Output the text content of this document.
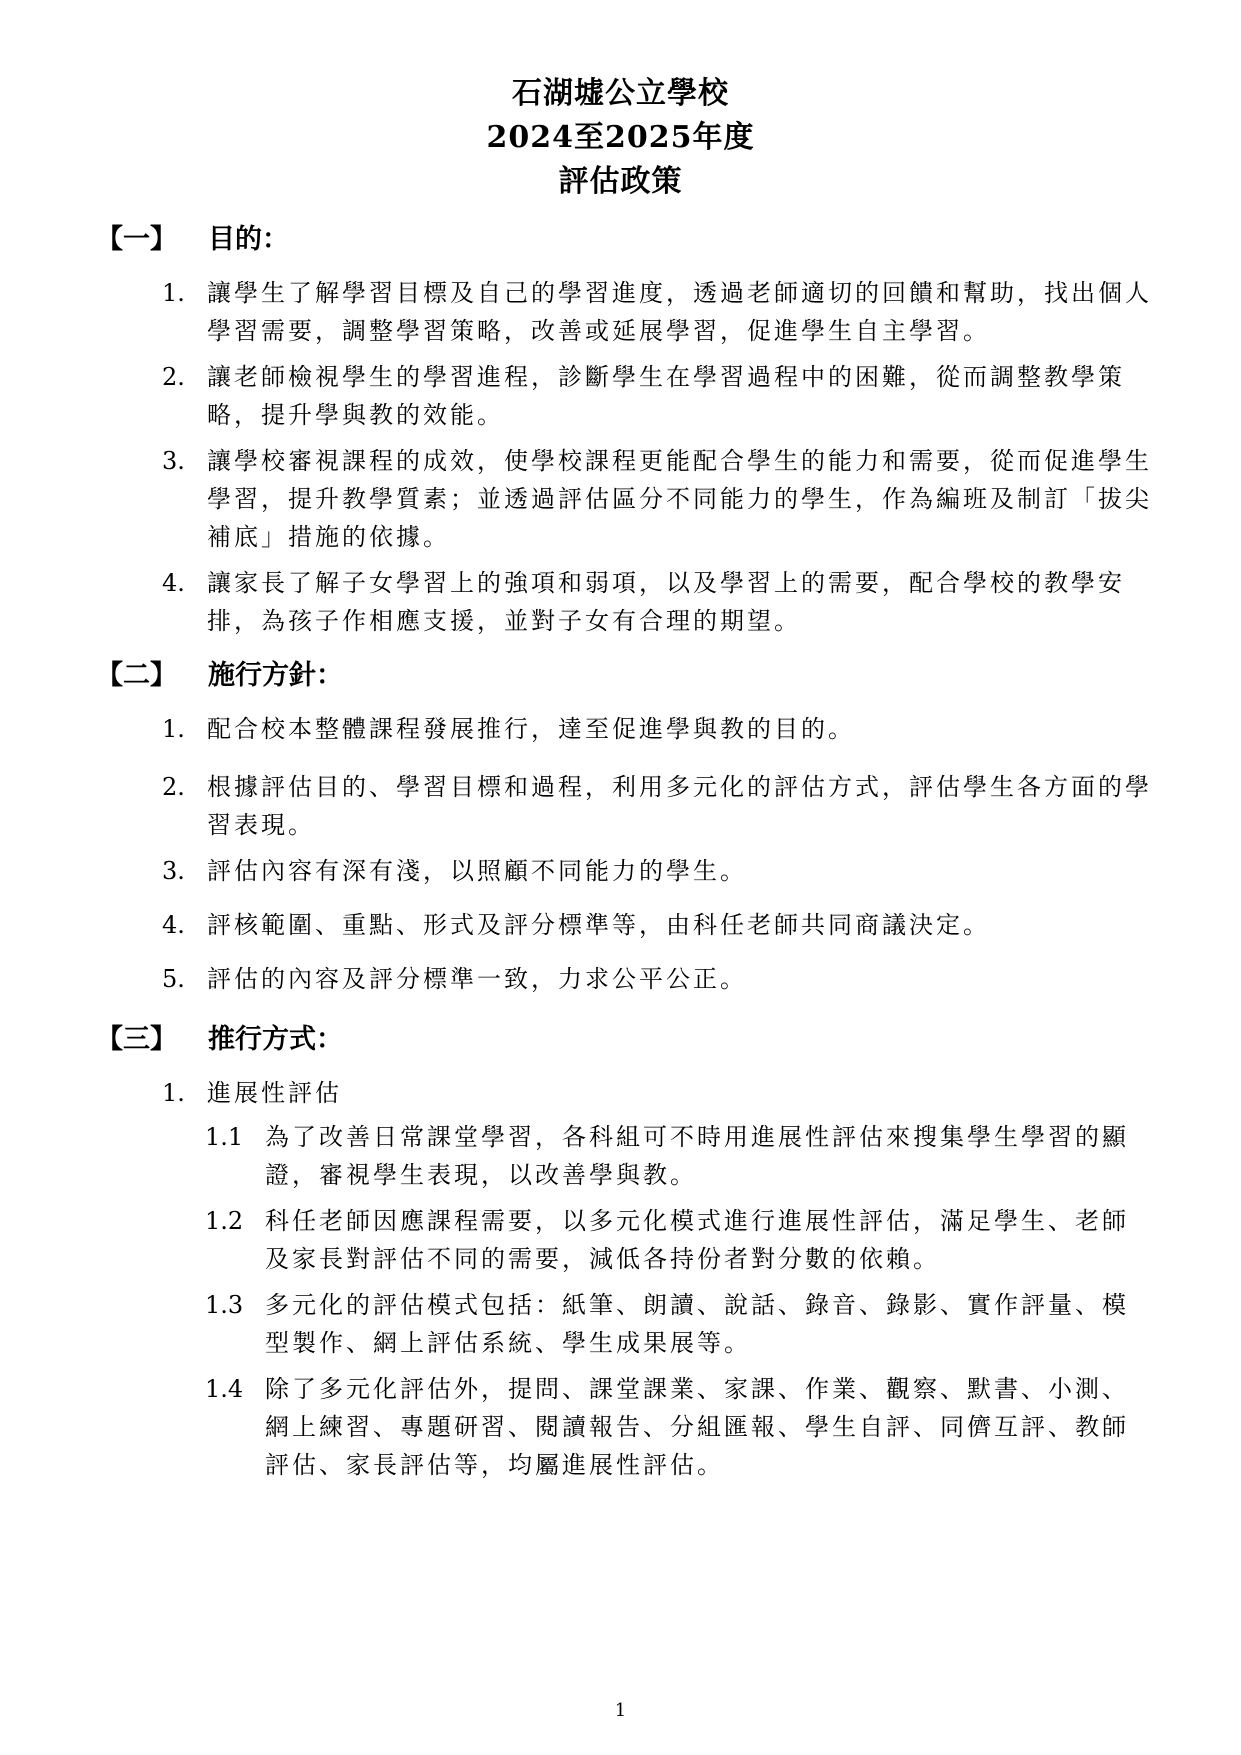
石湖墟公立學校
2024至2025年度
評估政策
【一】	目的：
1. 讓學生了解學習目標及自己的學習進度，透過老師適切的回饋和幫助，找出個人學習需要，調整學習策略，改善或延展學習，促進學生自主學習。
2. 讓老師檢視學生的學習進程，診斷學生在學習過程中的困難，從而調整教學策略，提升學與教的效能。
3. 讓學校審視課程的成效，使學校課程更能配合學生的能力和需要，從而促進學生學習，提升教學質素；並透過評估區分不同能力的學生，作為編班及制訂「拔尖補底」措施的依據。
4. 讓家長了解子女學習上的強項和弱項，以及學習上的需要，配合學校的教學安排，為孩子作相應支援，並對子女有合理的期望。
【二】	施行方針：
1. 配合校本整體課程發展推行，達至促進學與教的目的。
2. 根據評估目的、學習目標和過程，利用多元化的評估方式，評估學生各方面的學習表現。
3. 評估內容有深有淺，以照顧不同能力的學生。
4. 評核範圍、重點、形式及評分標準等，由科任老師共同商議決定。
5. 評估的內容及評分標準一致，力求公平公正。
【三】	推行方式：
1. 進展性評估
1.1 為了改善日常課堂學習，各科組可不時用進展性評估來搜集學生學習的顯證，審視學生表現，以改善學與教。
1.2 科任老師因應課程需要，以多元化模式進行進展性評估，滿足學生、老師及家長對評估不同的需要，減低各持份者對分數的依賴。
1.3 多元化的評估模式包括：紙筆、朗讀、說話、錄音、錄影、實作評量、模型製作、網上評估系統、學生成果展等。
1.4 除了多元化評估外，提問、課堂課業、家課、作業、觀察、默書、小測、網上練習、專題研習、閱讀報告、分組匯報、學生自評、同儕互評、教師評估、家長評估等，均屬進展性評估。
1
